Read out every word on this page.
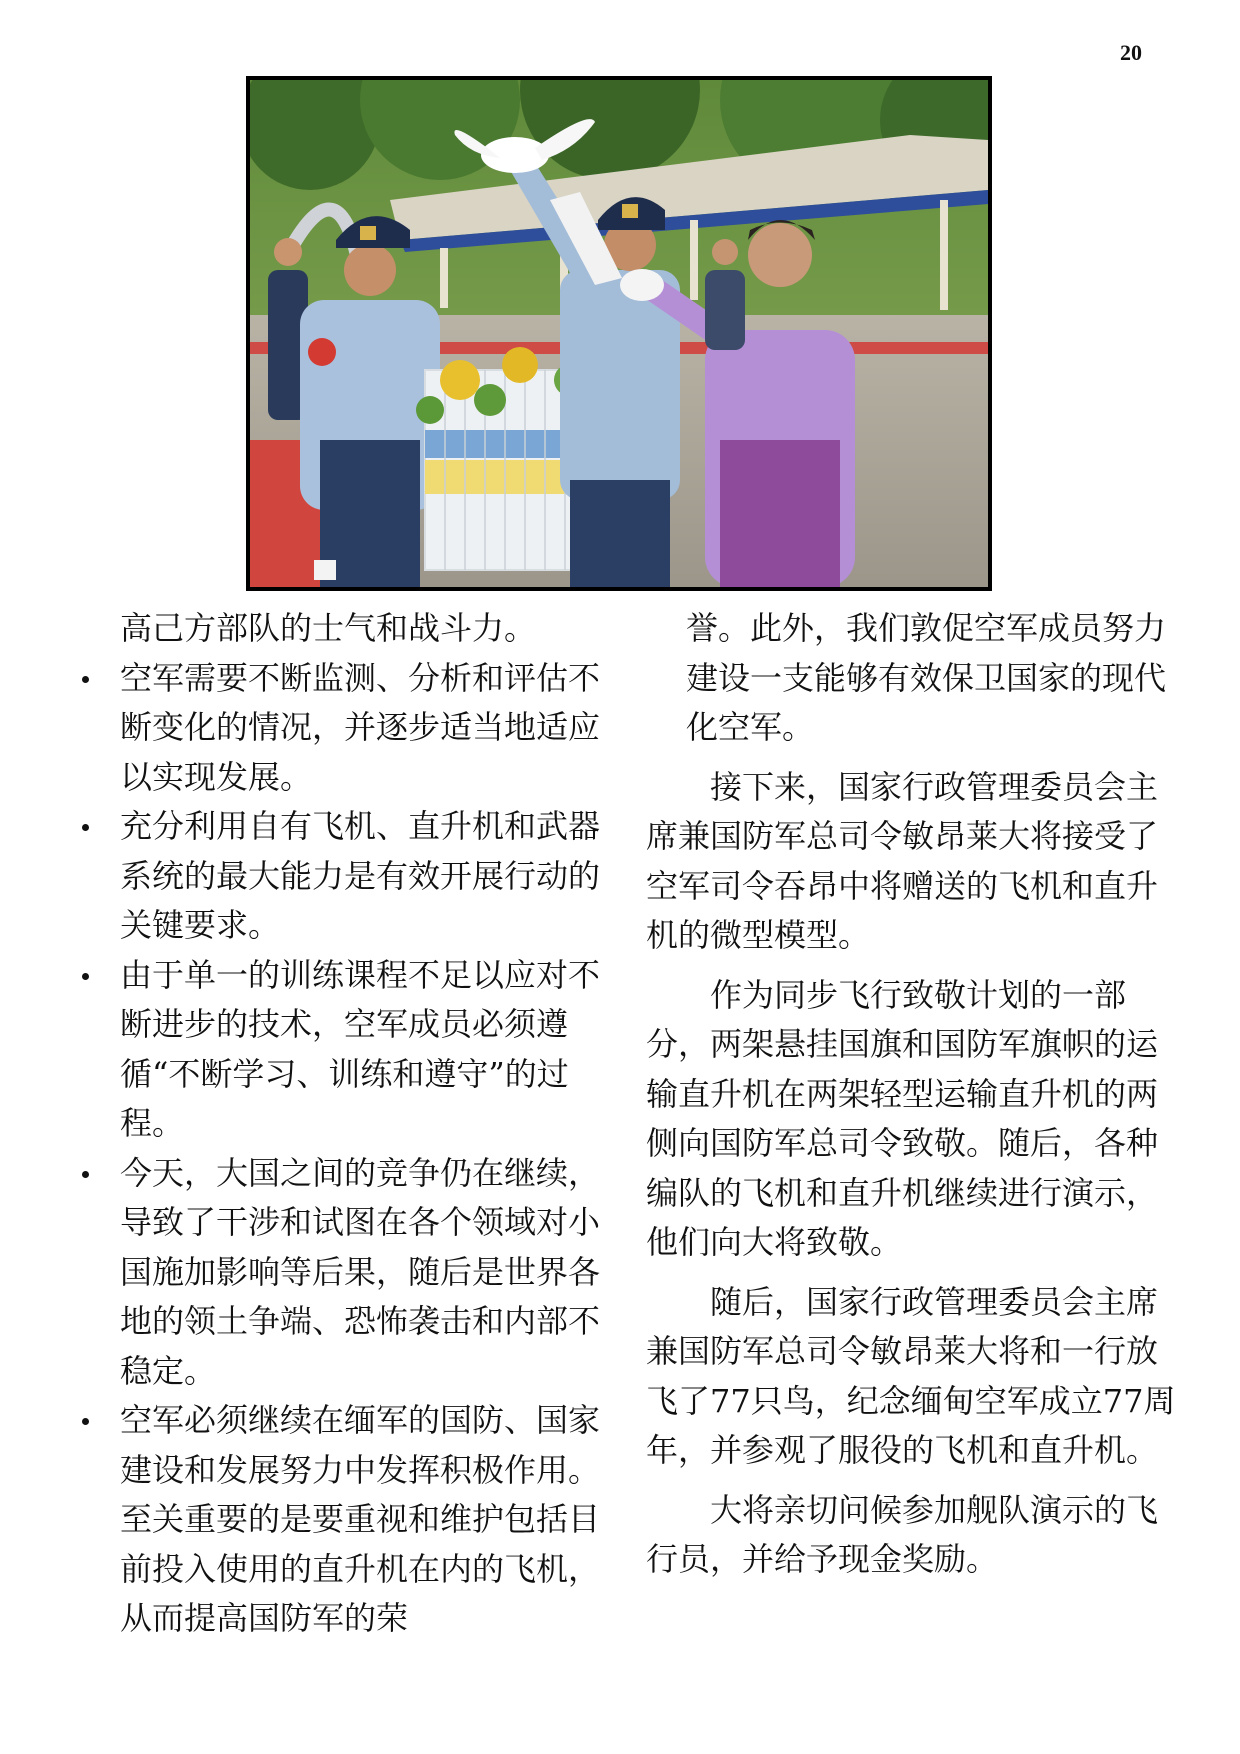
20

高己方部队的士气和战斗力。

空军需要不断监测、分析和评估不断变化的情况，并逐步适当地适应以实现发展。
充分利用自有飞机、直升机和武器系统的最大能力是有效开展行动的关键要求。
由于单一的训练课程不足以应对不断进步的技术，空军成员必须遵循“不断学习、训练和遵守”的过程。
今天，大国之间的竞争仍在继续，导致了干涉和试图在各个领域对小国施加影响等后果，随后是世界各地的领土争端、恐怖袭击和内部不稳定。
空军必须继续在缅军的国防、国家建设和发展努力中发挥积极作用。至关重要的是要重视和维护包括目前投入使用的直升机在内的飞机，从而提高国防军的荣

誉。此外，我们敦促空军成员努力建设一支能够有效保卫国家的现代化空军。

接下来，国家行政管理委员会主席兼国防军总司令敏昂莱大将接受了空军司令吞昂中将赠送的飞机和直升机的微型模型。

作为同步飞行致敬计划的一部分，两架悬挂国旗和国防军旗帜的运输直升机在两架轻型运输直升机的两侧向国防军总司令致敬。随后，各种编队的飞机和直升机继续进行演示，他们向大将致敬。

随后，国家行政管理委员会主席兼国防军总司令敏昂莱大将和一行放飞了77只鸟，纪念缅甸空军成立77周年，并参观了服役的飞机和直升机。

大将亲切问候参加舰队演示的飞行员，并给予现金奖励。
